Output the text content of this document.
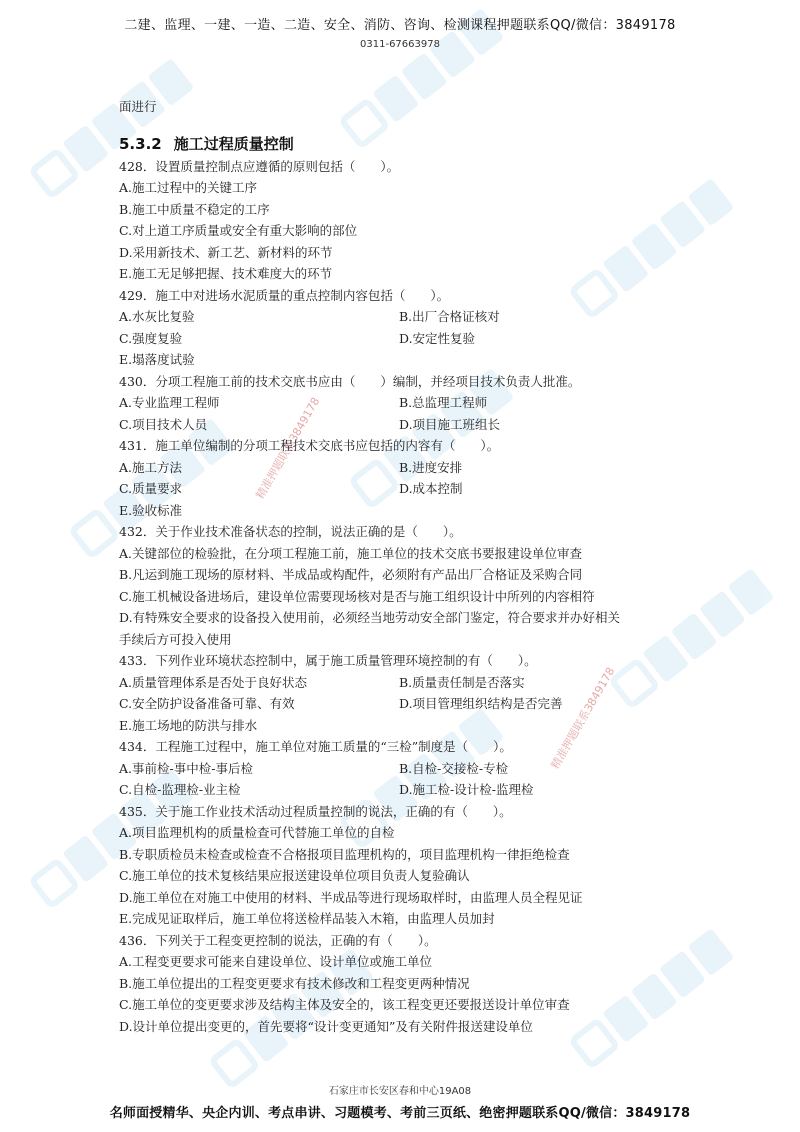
精准押题联系3849178
精准押题联系3849178
二建、监理、一建、一造、二造、安全、消防、咨询、检测课程押题联系QQ/微信：3849178
0311-67663978
面进行
5.3.2 施工过程质量控制
428．设置质量控制点应遵循的原则包括（　　）。
A.施工过程中的关键工序
B.施工中质量不稳定的工序
C.对上道工序质量或安全有重大影响的部位
D.采用新技术、新工艺、新材料的环节
E.施工无足够把握、技术难度大的环节
429．施工中对进场水泥质量的重点控制内容包括（　　）。
A.水灰比复验	B.出厂合格证核对
C.强度复验	D.安定性复验
E.塌落度试验
430．分项工程施工前的技术交底书应由（　　）编制，并经项目技术负责人批准。
A.专业监理工程师	B.总监理工程师
C.项目技术人员	D.项目施工班组长
431．施工单位编制的分项工程技术交底书应包括的内容有（　　）。
A.施工方法	B.进度安排
C.质量要求	D.成本控制
E.验收标准
432．关于作业技术准备状态的控制，说法正确的是（　　）。
A.关键部位的检验批，在分项工程施工前，施工单位的技术交底书要报建设单位审查
B.凡运到施工现场的原材料、半成品或构配件，必须附有产品出厂合格证及采购合同
C.施工机械设备进场后，建设单位需要现场核对是否与施工组织设计中所列的内容相符
D.有特殊安全要求的设备投入使用前，必须经当地劳动安全部门鉴定，符合要求并办好相关
手续后方可投入使用
433．下列作业环境状态控制中，属于施工质量管理环境控制的有（　　）。
A.质量管理体系是否处于良好状态	B.质量责任制是否落实
C.安全防护设备准备可靠、有效	D.项目管理组织结构是否完善
E.施工场地的防洪与排水
434．工程施工过程中，施工单位对施工质量的“三检”制度是（　　）。
A.事前检-事中检-事后检	B.自检-交接检-专检
C.自检-监理检-业主检	D.施工检-设计检-监理检
435．关于施工作业技术活动过程质量控制的说法，正确的有（　　）。
A.项目监理机构的质量检查可代替施工单位的自检
B.专职质检员未检查或检查不合格报项目监理机构的，项目监理机构一律拒绝检查
C.施工单位的技术复核结果应报送建设单位项目负责人复验确认
D.施工单位在对施工中使用的材料、半成品等进行现场取样时，由监理人员全程见证
E.完成见证取样后，施工单位将送检样品装入木箱，由监理人员加封
436．下列关于工程变更控制的说法，正确的有（　　）。
A.工程变更要求可能来自建设单位、设计单位或施工单位
B.施工单位提出的工程变更要求有技术修改和工程变更两种情况
C.施工单位的变更要求涉及结构主体及安全的，该工程变更还要报送设计单位审查
D.设计单位提出变更的，首先要将“设计变更通知”及有关附件报送建设单位
石家庄市长安区春和中心19A08
名师面授精华、央企内训、考点串讲、习题模考、考前三页纸、绝密押题联系QQ/微信：3849178
